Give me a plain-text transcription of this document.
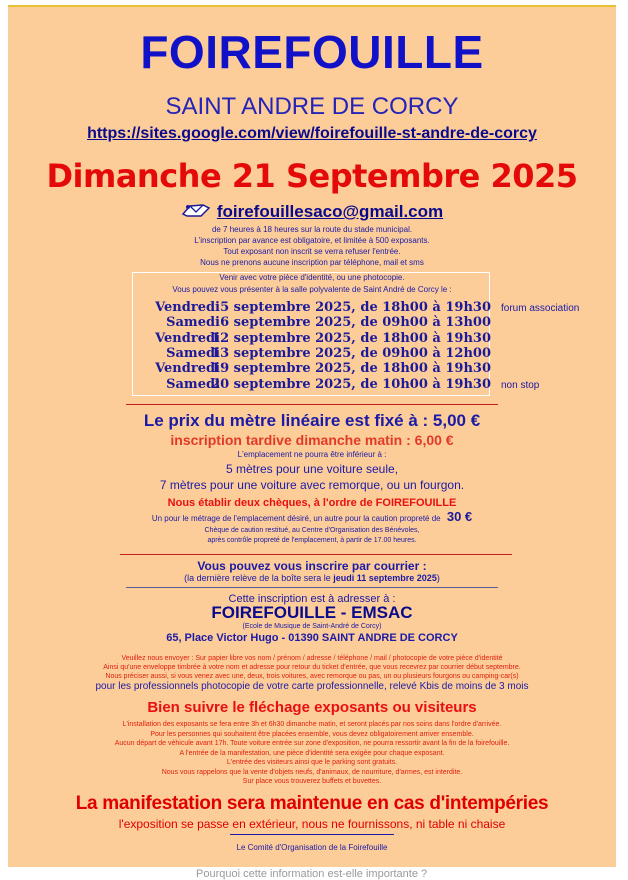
FOIREFOUILLE
SAINT ANDRE DE CORCY
https://sites.google.com/view/foirefouille-st-andre-de-corcy
Dimanche 21 Septembre 2025
foirefouillesaco@gmail.com
de 7 heures à 18 heures sur la route du stade municipal.
L'inscription par avance est obligatoire, et limitée à 500 exposants.
Tout exposant non inscrit se verra refuser l'entrée.
Nous ne prenons aucune inscription par téléphone, mail et sms
Venir avec votre pièce d'identité, ou une photocopie.
Vous pouvez vous présenter à la salle polyvalente de Saint André de Corcy le :
Le prix du mètre linéaire est fixé à : 5,00 €
inscription tardive dimanche matin : 6,00 €
L'emplacement ne pourra être inférieur à :
5 mètres pour une voiture seule,
7 mètres pour une voiture avec remorque, ou un fourgon.
Nous établir deux chèques, à l'ordre de FOIREFOUILLE
Un pour le métrage de l'emplacement désiré, un autre pour la caution propreté de 30 €
Chèque de caution restitué, au Centre d'Organisation des Bénévoles,
après contrôle propreté de l'emplacement, à partir de 17.00 heures.
Vous pouvez vous inscrire par courrier :
(la dernière relève de la boîte sera le jeudi 11 septembre 2025)
Cette inscription est à adresser à :
FOIREFOUILLE - EMSAC
(Ecole de Musique de Saint-André de Corcy)
65, Place Victor Hugo - 01390 SAINT ANDRE DE CORCY
Veuillez nous envoyer : Sur papier libre vos nom / prénom / adresse / téléphone / mail / photocopie de votre pièce d'identité
Ainsi qu'une enveloppe timbrée à votre nom et adresse pour retour du ticket d'entrée, que vous recevrez par courrier début septembre.
Nous préciser aussi, si vous venez avec une, deux, trois voitures, avec remorque ou pas, un ou plusieurs fourgons ou camping-car(s)
pour les professionnels photocopie de votre carte professionnelle, relevé Kbis de moins de 3 mois
Bien suivre le fléchage exposants ou visiteurs
La manifestation sera maintenue en cas d'intempéries
l'exposition se passe en extérieur, nous ne fournissons, ni table ni chaise
Le Comité d'Organisation de la Foirefouille
Vendredi 5 septembre 2025, de 18h00 à 19h30 forum association
Samedi 6 septembre 2025, de 09h00 à 13h00
Vendredi
12 septembre 2025, de 18h00 à 19h30
Samedi
13 septembre 2025, de 09h00 à 12h00
Vendredi
19 septembre 2025, de 18h00 à 19h30
Samedi
20 septembre 2025, de 10h00 à 19h30 non stop
L'installation des exposants se fera entre 3h et 6h30 dimanche matin, et seront placés par nos soins dans l'ordre d'arrivée.
Pour les personnes qui souhaitent être placées ensemble, vous devez obligatoirement arriver ensemble.
Aucun départ de véhicule avant 17h. Toute voiture entrée sur zone d'exposition, ne pourra ressortir avant la fin de la foirefouille.
A l'entrée de la manifestation, une pièce d'identité sera exigée pour chaque exposant.
L'entrée des visiteurs ainsi que le parking sont gratuits.
Nous vous rappelons que la vente d'objets neufs, d'animaux, de nourriture, d'armes, est interdite.
Sur place vous trouverez buffets et buvettes.
Pourquoi cette information est-elle importante ?
